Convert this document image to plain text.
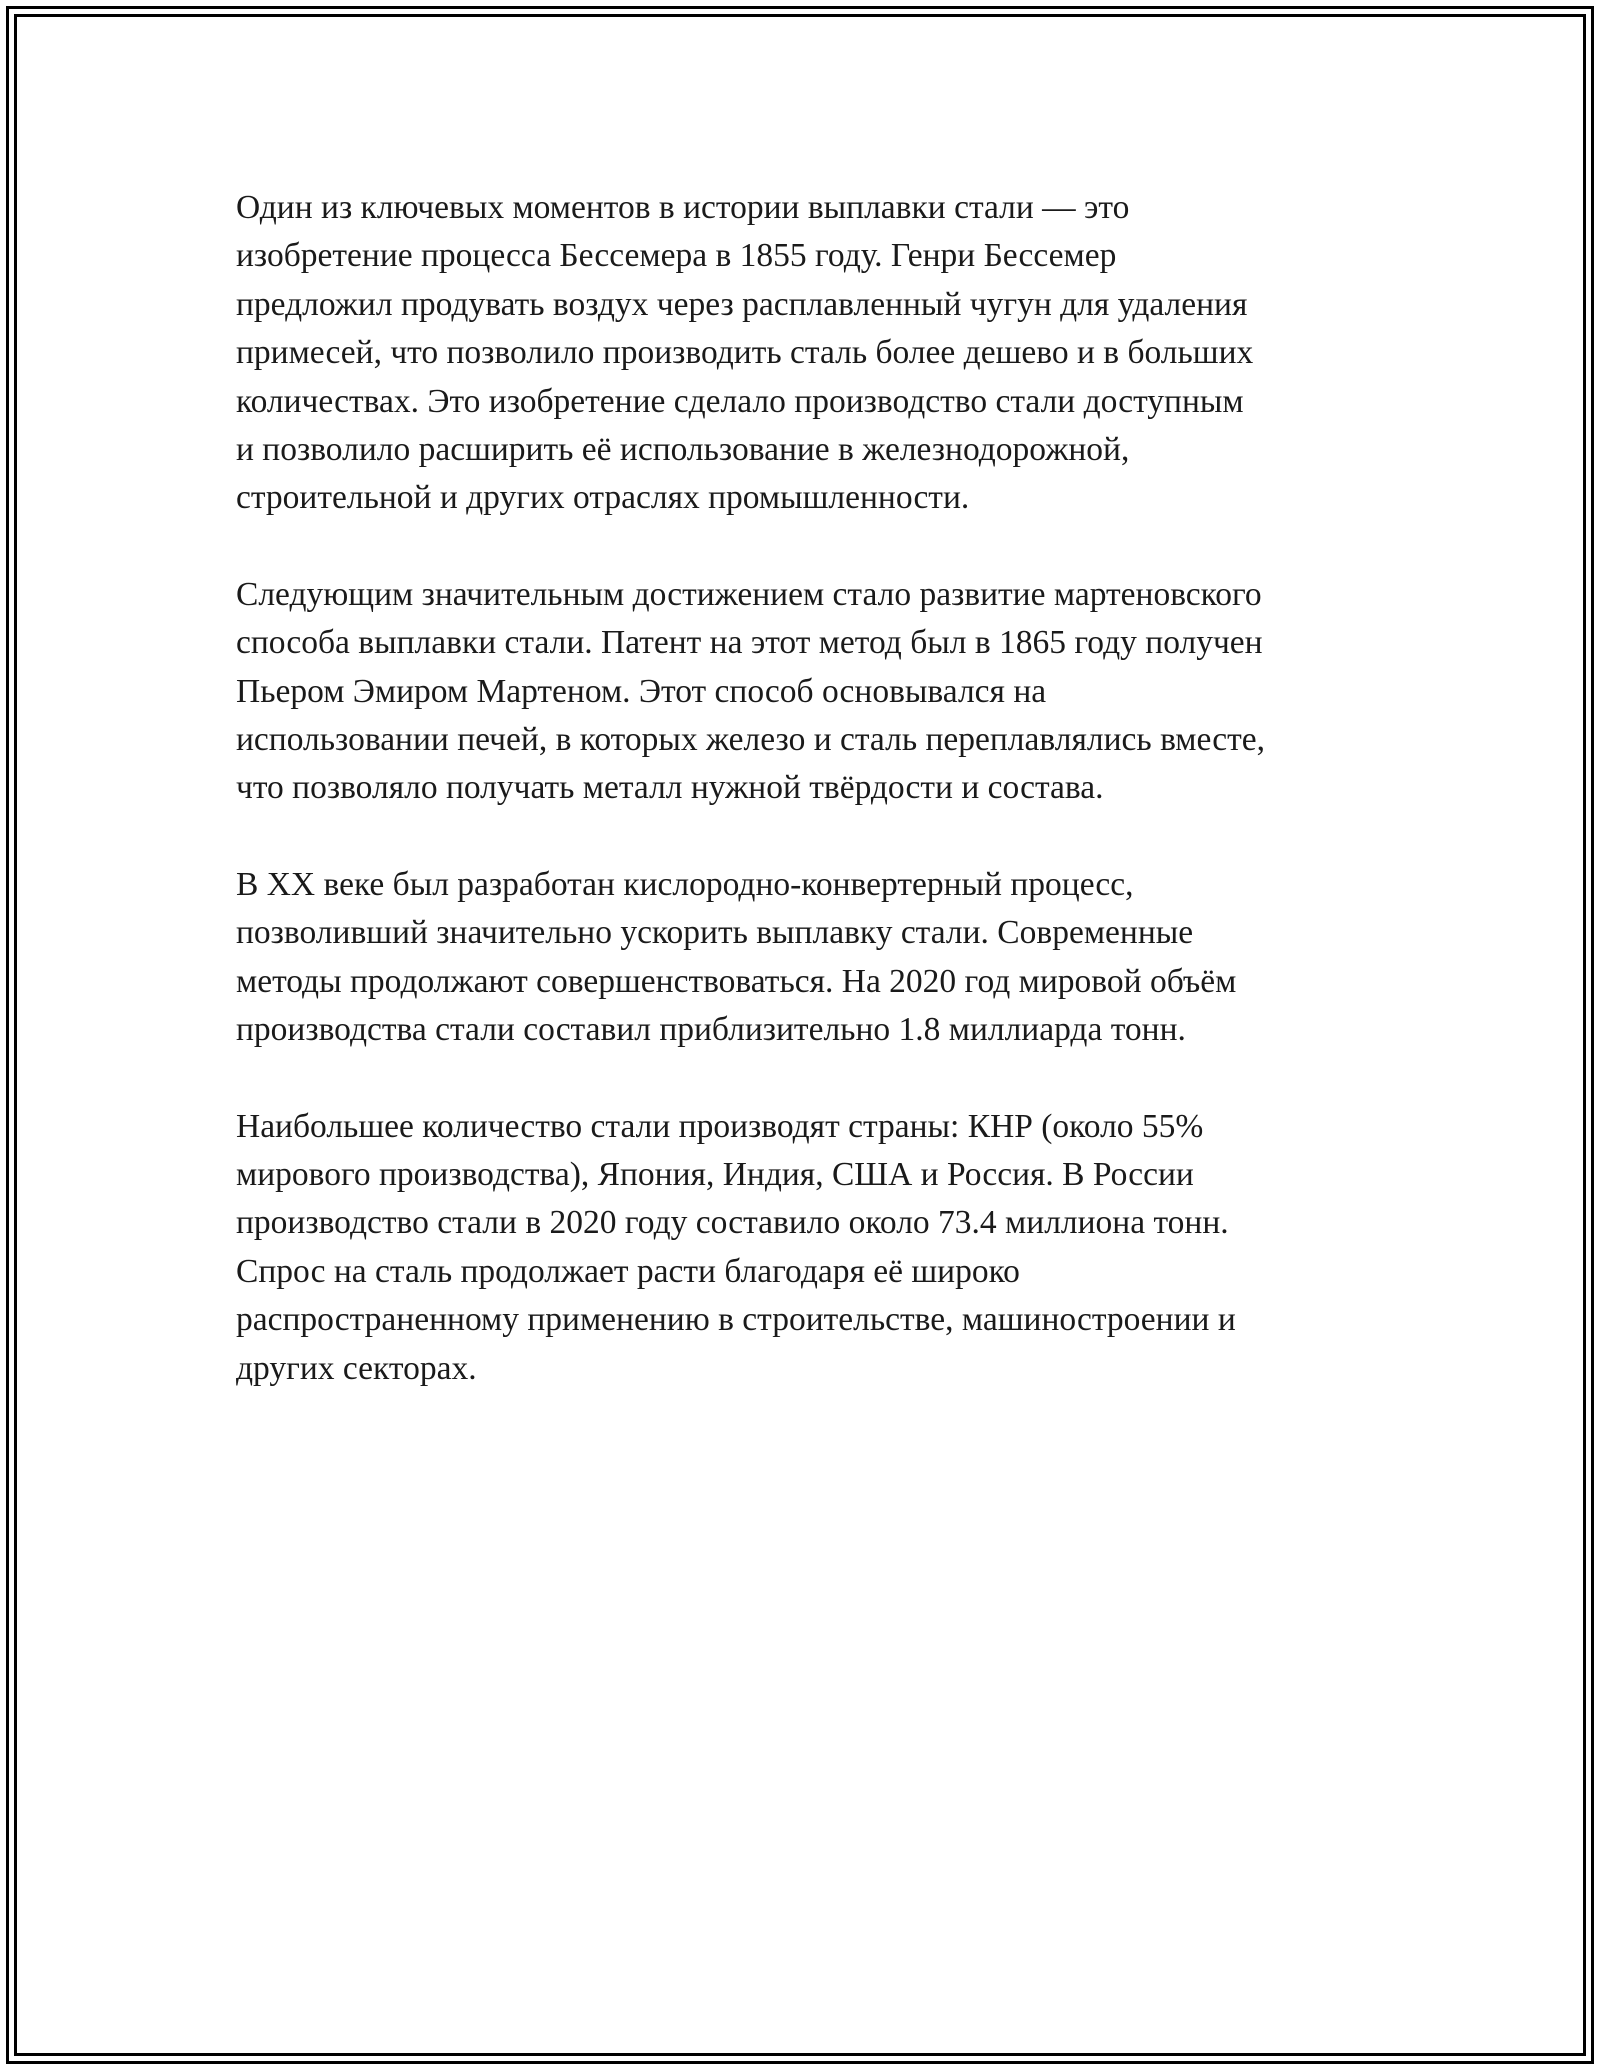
Один из ключевых моментов в истории выплавки стали — это
изобретение процесса Бессемера в 1855 году. Генри Бессемер
предложил продувать воздух через расплавленный чугун для удаления
примесей, что позволило производить сталь более дешево и в больших
количествах. Это изобретение сделало производство стали доступным
и позволило расширить её использование в железнодорожной,
строительной и других отраслях промышленности.

Следующим значительным достижением стало развитие мартеновского
способа выплавки стали. Патент на этот метод был в 1865 году получен
Пьером Эмиром Мартеном. Этот способ основывался на
использовании печей, в которых железо и сталь переплавлялись вместе,
что позволяло получать металл нужной твёрдости и состава.

В XX веке был разработан кислородно-конвертерный процесс,
позволивший значительно ускорить выплавку стали. Современные
методы продолжают совершенствоваться. На 2020 год мировой объём
производства стали составил приблизительно 1.8 миллиарда тонн.

Наибольшее количество стали производят страны: КНР (около 55%
мирового производства), Япония, Индия, США и Россия. В России
производство стали в 2020 году составило около 73.4 миллиона тонн.
Спрос на сталь продолжает расти благодаря её широко
распространенному применению в строительстве, машиностроении и
других секторах.
